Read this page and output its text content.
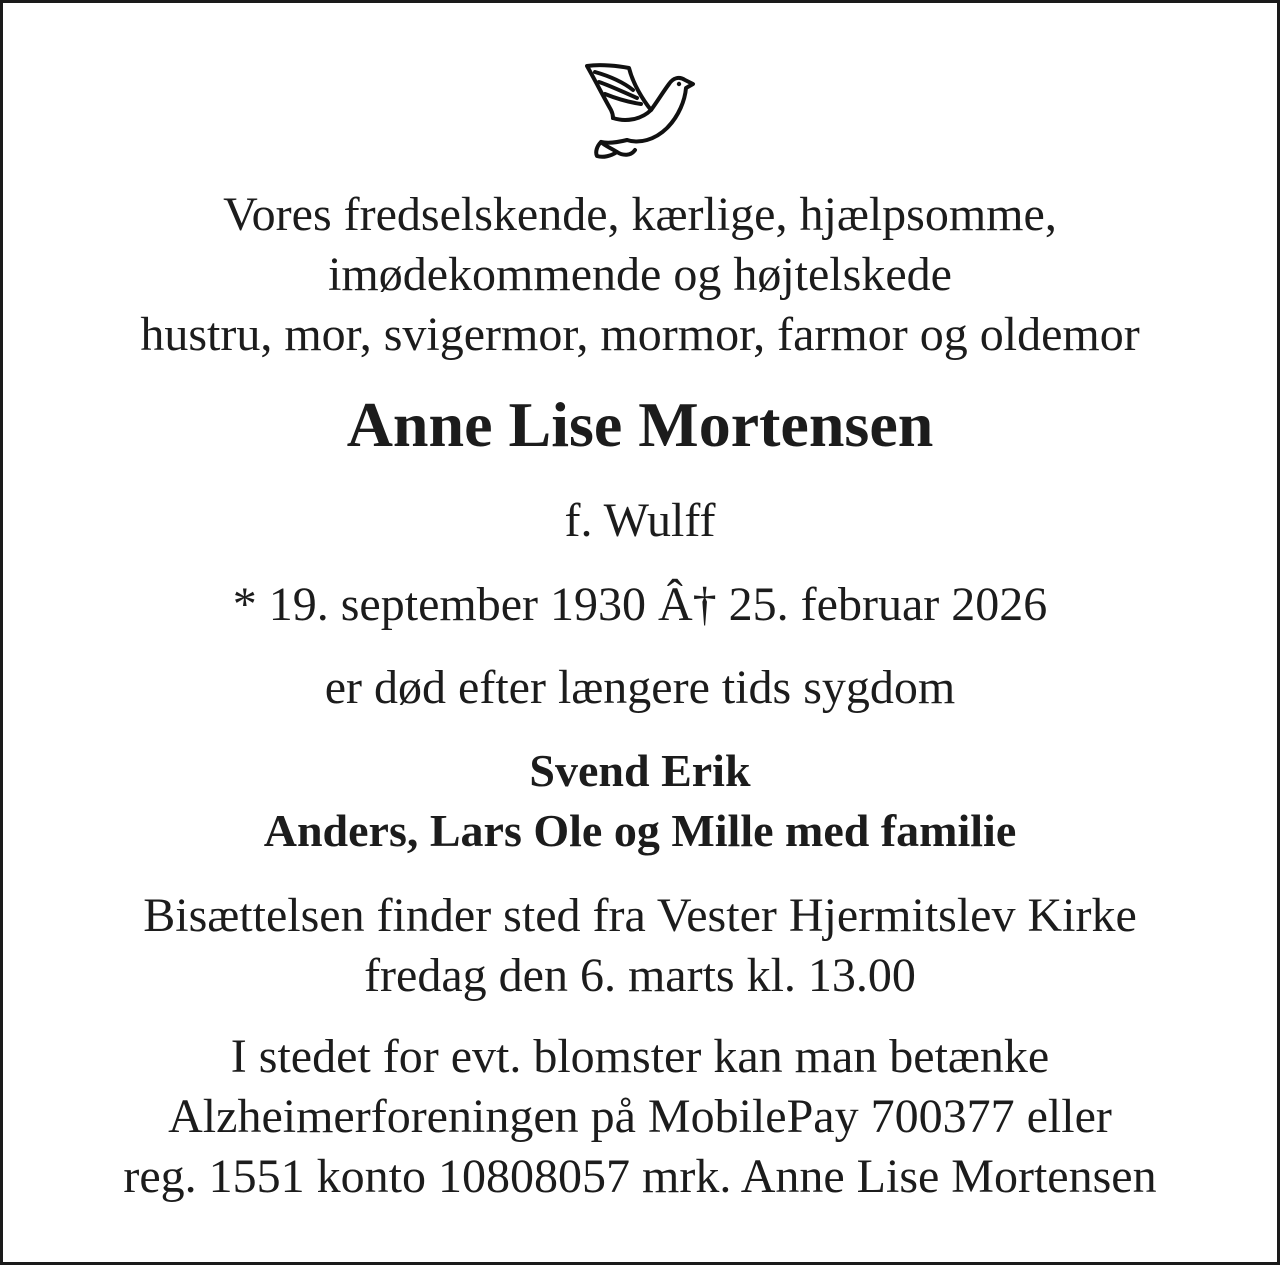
Vores fredselskende, kærlige, hjælpsomme,
imødekommende og højtelskede
hustru, mor, svigermor, mormor, farmor og oldemor
Anne Lise Mortensen
f. Wulff
* 19. september 1930 Â† 25. februar 2026
er død efter længere tids sygdom
Svend Erik
Anders, Lars Ole og Mille med familie
Bisættelsen finder sted fra Vester Hjermitslev Kirke
fredag den 6. marts kl. 13.00
I stedet for evt. blomster kan man betænke
Alzheimerforeningen på MobilePay 700377 eller
reg. 1551 konto 10808057 mrk. Anne Lise Mortensen
